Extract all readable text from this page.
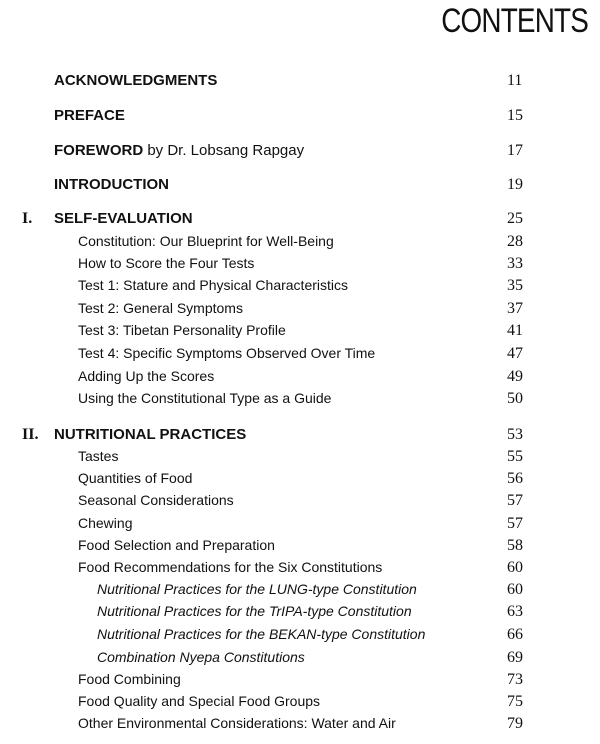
CONTENTS
ACKNOWLEDGMENTS	11
PREFACE	15
FOREWORD by Dr. Lobsang Rapgay	17
INTRODUCTION	19
I. SELF-EVALUATION	25
Constitution: Our Blueprint for Well-Being	28
How to Score the Four Tests	33
Test 1: Stature and Physical Characteristics	35
Test 2: General Symptoms	37
Test 3: Tibetan Personality Profile	41
Test 4: Specific Symptoms Observed Over Time	47
Adding Up the Scores	49
Using the Constitutional Type as a Guide	50
II. NUTRITIONAL PRACTICES	53
Tastes	55
Quantities of Food	56
Seasonal Considerations	57
Chewing	57
Food Selection and Preparation	58
Food Recommendations for the Six Constitutions	60
Nutritional Practices for the LUNG-type Constitution	60
Nutritional Practices for the TrIPA-type Constitution	63
Nutritional Practices for the BEKAN-type Constitution	66
Combination Nyepa Constitutions	69
Food Combining	73
Food Quality and Special Food Groups	75
Other Environmental Considerations: Water and Air	79
